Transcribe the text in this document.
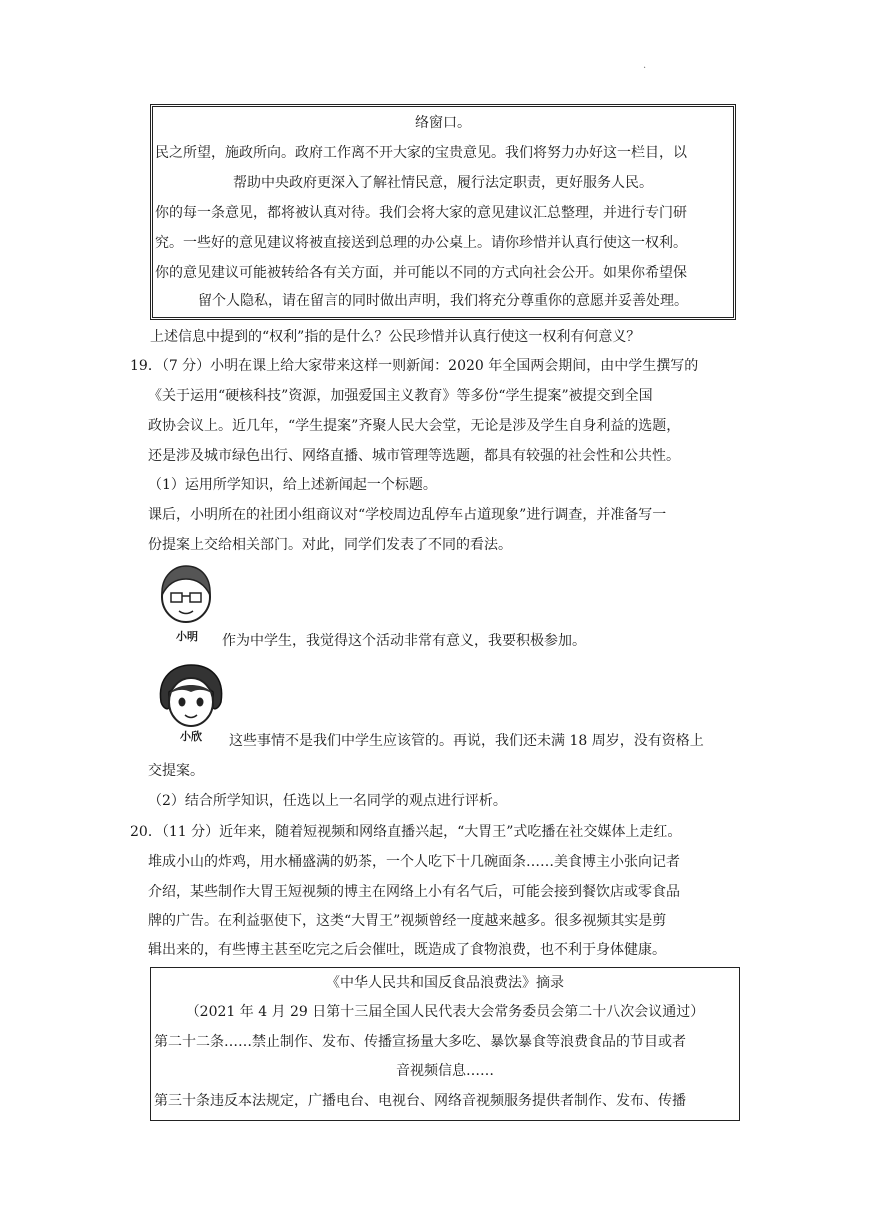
.
络窗口。
民之所望，施政所向。政府工作离不开大家的宝贵意见。我们将努力办好这一栏目，以
帮助中央政府更深入了解社情民意，履行法定职责，更好服务人民。
你的每一条意见，都将被认真对待。我们会将大家的意见建议汇总整理，并进行专门研
究。一些好的意见建议将被直接送到总理的办公桌上。请你珍惜并认真行使这一权利。
你的意见建议可能被转给各有关方面，并可能以不同的方式向社会公开。如果你希望保
留个人隐私，请在留言的同时做出声明，我们将充分尊重你的意愿并妥善处理。
上述信息中提到的“权利”指的是什么？公民珍惜并认真行使这一权利有何意义？
19．（7 分）小明在课上给大家带来这样一则新闻：2020 年全国两会期间，由中学生撰写的
《关于运用“硬核科技”资源，加强爱国主义教育》等多份“学生提案”被提交到全国
政协会议上。近几年，“学生提案”齐聚人民大会堂，无论是涉及学生自身利益的选题，
还是涉及城市绿色出行、网络直播、城市管理等选题，都具有较强的社会性和公共性。
（1）运用所学知识，给上述新闻起一个标题。
课后，小明所在的社团小组商议对“学校周边乱停车占道现象”进行调查，并准备写一
份提案上交给相关部门。对此，同学们发表了不同的看法。
小明 作为中学生，我觉得这个活动非常有意义，我要积极参加。
小欣 这些事情不是我们中学生应该管的。再说，我们还未满 18 周岁，没有资格上
交提案。
（2）结合所学知识，任选以上一名同学的观点进行评析。
20．（11 分）近年来，随着短视频和网络直播兴起，“大胃王”式吃播在社交媒体上走红。
堆成小山的炸鸡，用水桶盛满的奶茶，一个人吃下十几碗面条……美食博主小张向记者
介绍，某些制作大胃王短视频的博主在网络上小有名气后，可能会接到餐饮店或零食品
牌的广告。在利益驱使下，这类“大胃王”视频曾经一度越来越多。很多视频其实是剪
辑出来的，有些博主甚至吃完之后会催吐，既造成了食物浪费，也不利于身体健康。
《中华人民共和国反食品浪费法》摘录
（2021 年 4 月 29 日第十三届全国人民代表大会常务委员会第二十八次会议通过）
第二十二条……禁止制作、发布、传播宣扬量大多吃、暴饮暴食等浪费食品的节目或者
音视频信息……
第三十条违反本法规定，广播电台、电视台、网络音视频服务提供者制作、发布、传播
